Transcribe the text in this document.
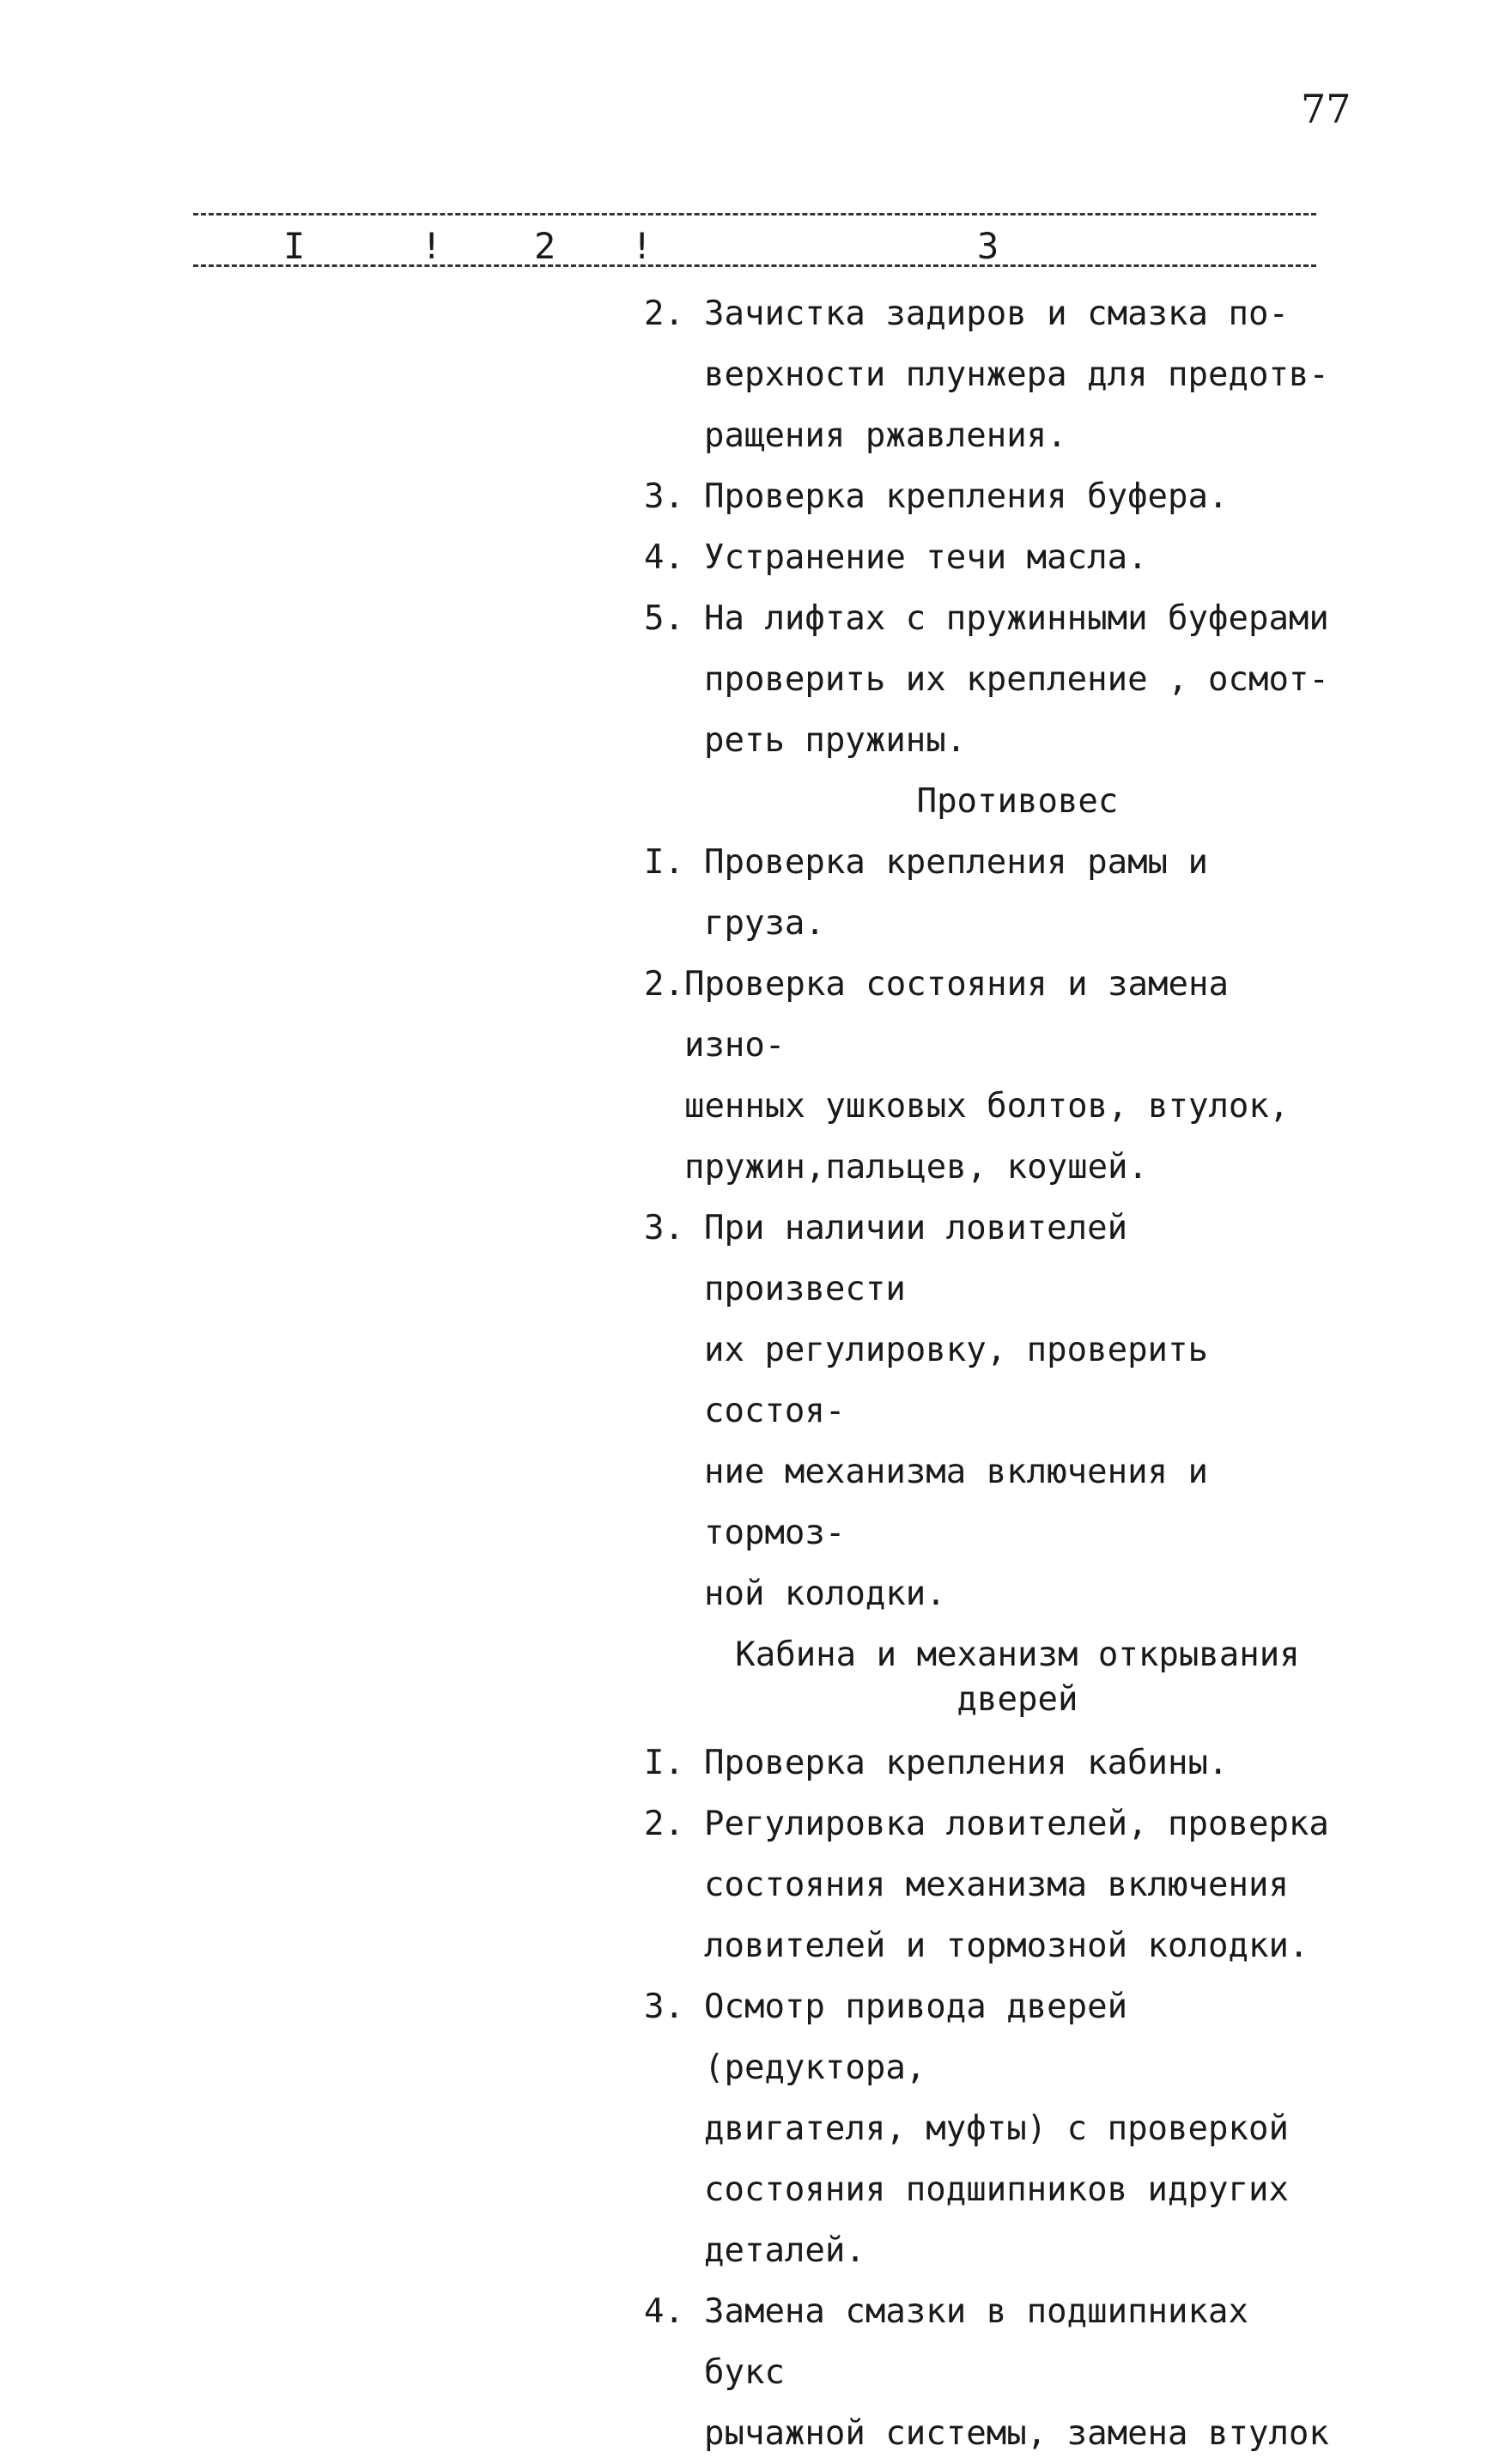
77
I	!	2 !	3
2. Зачистка задиров и смазка по-
верхности плунжера для предотв-
ращения ржавления.
3. Проверка крепления буфера.
4. Устранение течи масла.
5. На лифтах с пружинными буферами
проверить их крепление , осмот-
реть пружины.
Противовес
I. Проверка крепления рамы и груза.
2. Проверка состояния и замена изно-
шенных ушковых болтов, втулок,
пружин,пальцев, коушей.
3. При наличии ловителей произвести
их регулировку, проверить состоя-
ние механизма включения и тормоз-
ной колодки.
Кабина и механизм открывания
дверей
I. Проверка крепления кабины.
2. Регулировка ловителей, проверка
состояния механизма включения
ловителей и тормозной колодки.
3. Осмотр привода дверей (редуктора,
двигателя, муфты) с проверкой
состояния подшипников идругих
деталей.
4. Замена смазки в подшипниках букс
рычажной системы, замена втулок
